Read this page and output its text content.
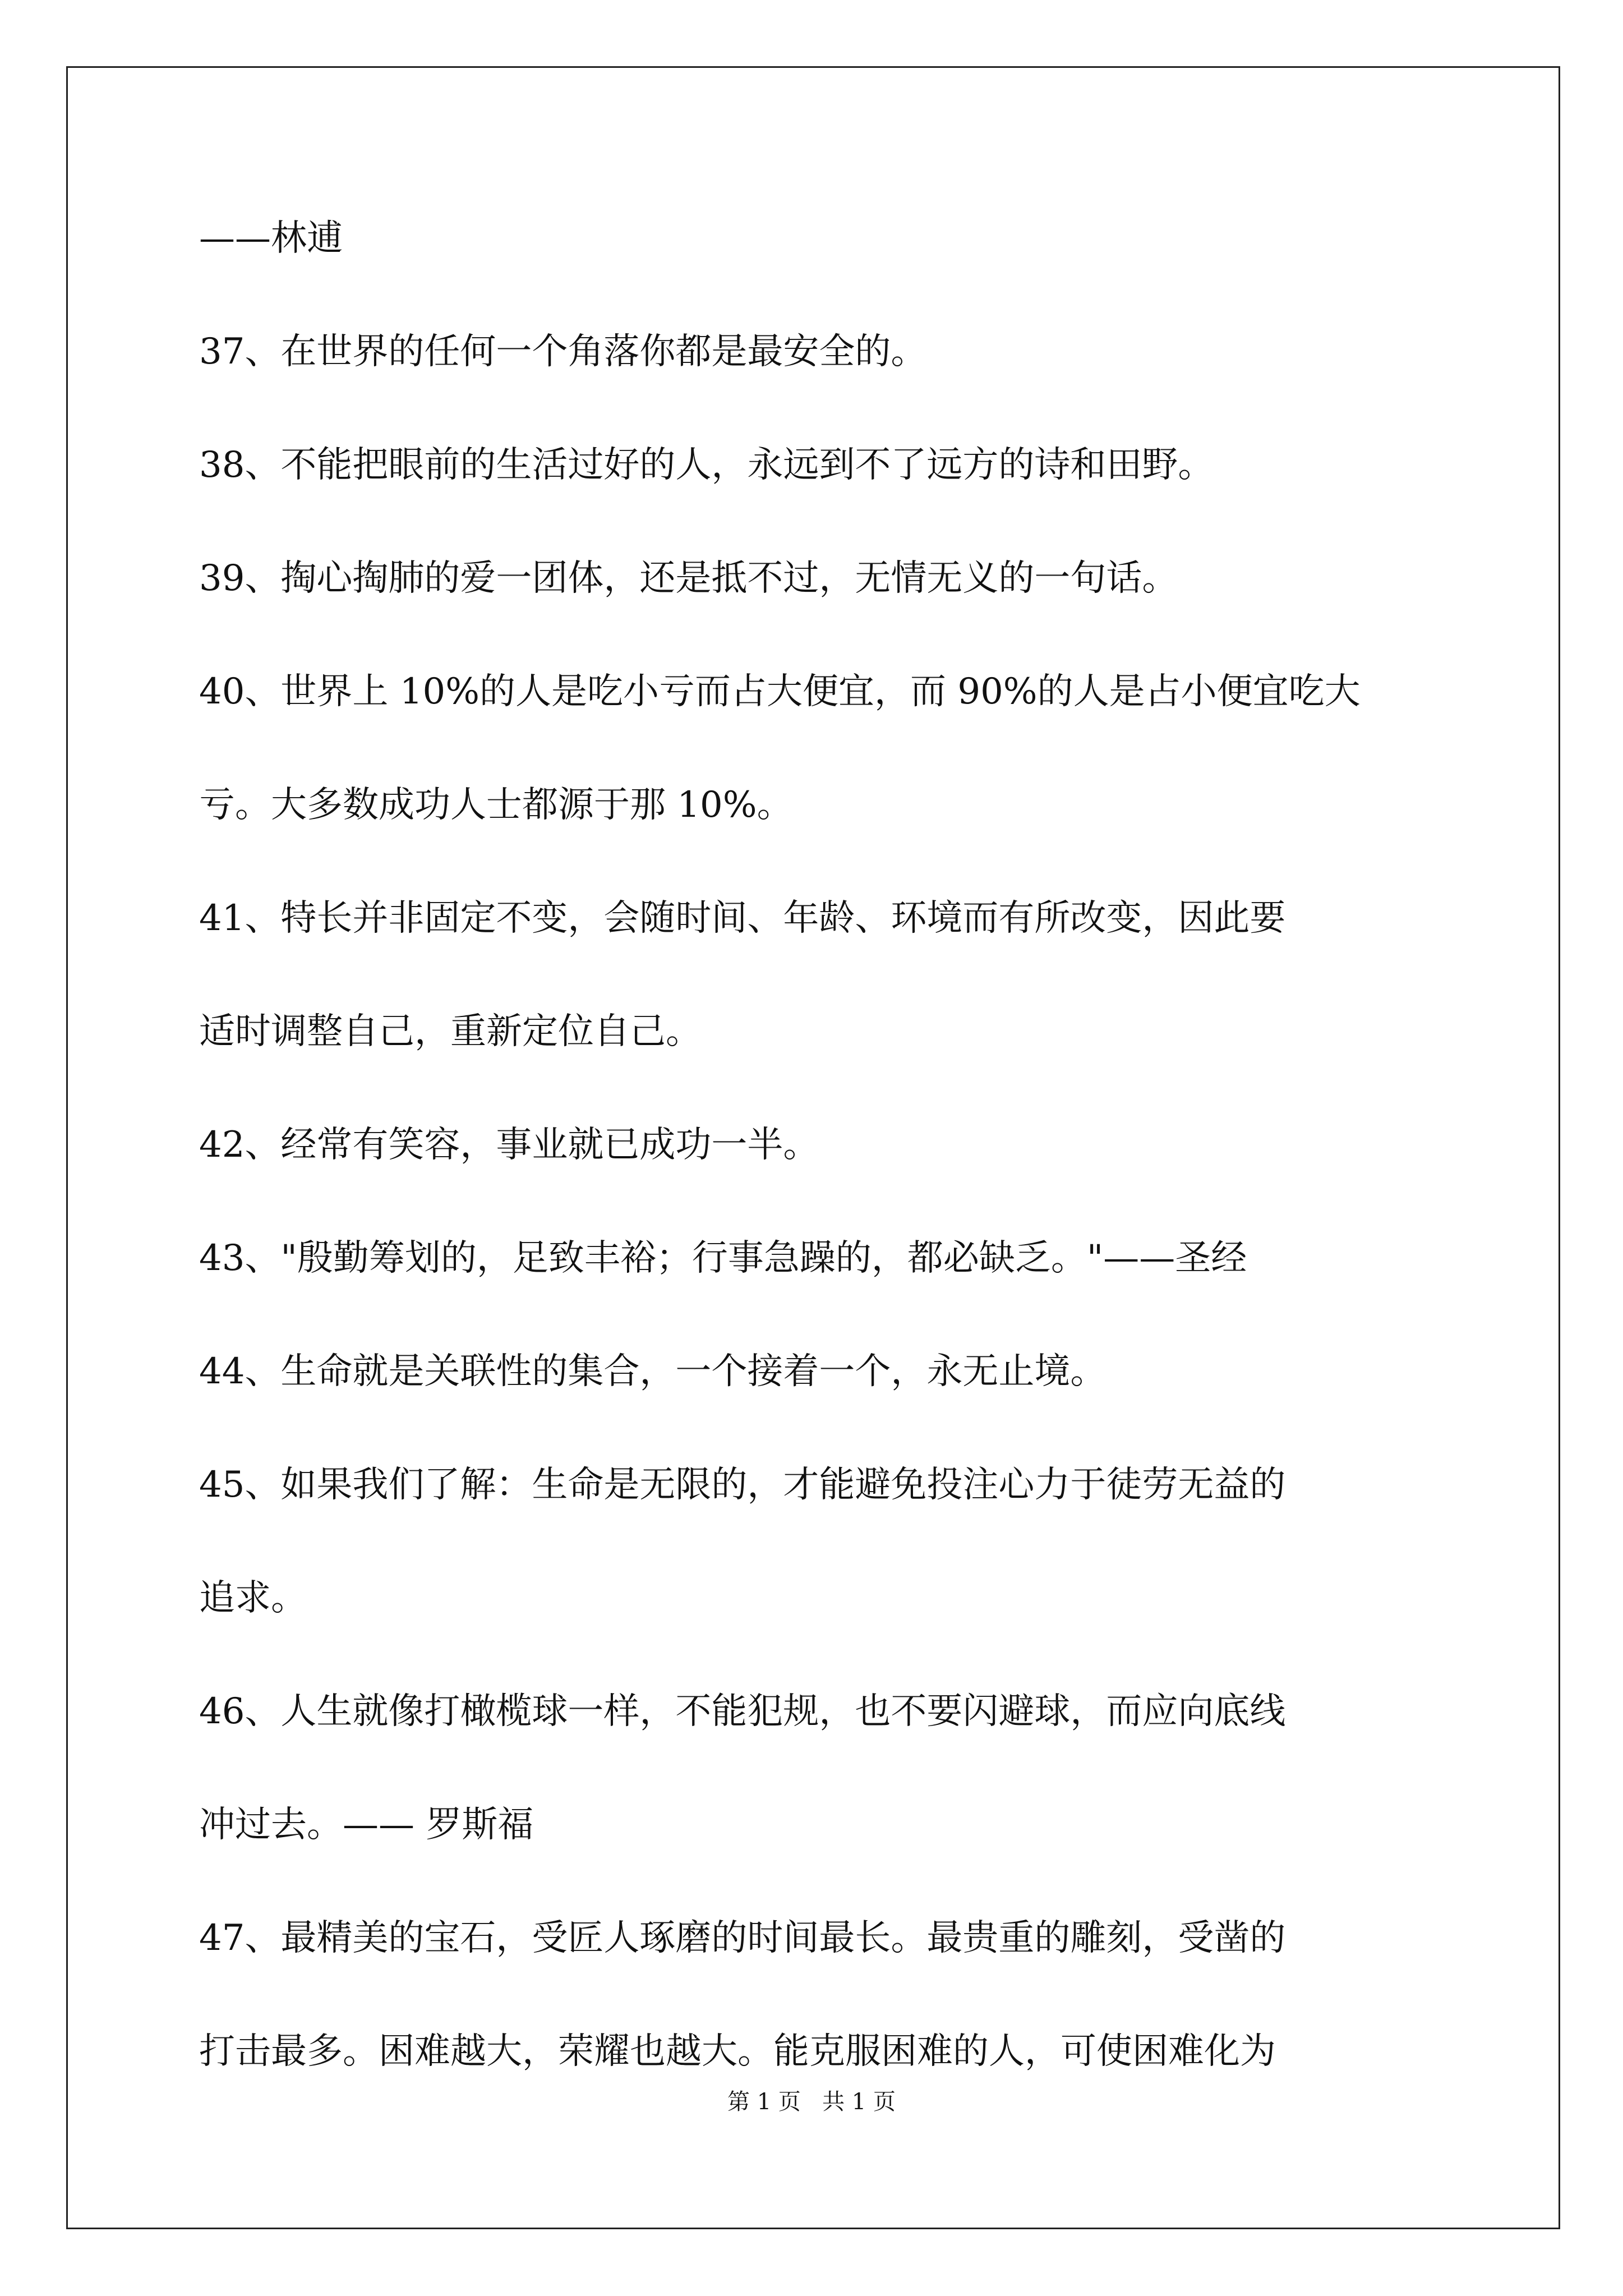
——林逋

37、在世界的任何一个角落你都是最安全的。

38、不能把眼前的生活过好的人，永远到不了远方的诗和田野。

39、掏心掏肺的爱一团体，还是抵不过，无情无义的一句话。

40、世界上 10%的人是吃小亏而占大便宜，而 90%的人是占小便宜吃大

亏。大多数成功人士都源于那 10%。

41、特长并非固定不变，会随时间、年龄、环境而有所改变，因此要

适时调整自己，重新定位自己。

42、经常有笑容，事业就已成功一半。

43、"殷勤筹划的，足致丰裕；行事急躁的，都必缺乏。"——圣经

44、生命就是关联性的集合，一个接着一个，永无止境。

45、如果我们了解：生命是无限的，才能避免投注心力于徒劳无益的

追求。

46、人生就像打橄榄球一样，不能犯规，也不要闪避球，而应向底线

冲过去。—— 罗斯福

47、最精美的宝石，受匠人琢磨的时间最长。最贵重的雕刻，受凿的

打击最多。困难越大，荣耀也越大。能克服困难的人，可使困难化为

第 1 页   共 1 页
